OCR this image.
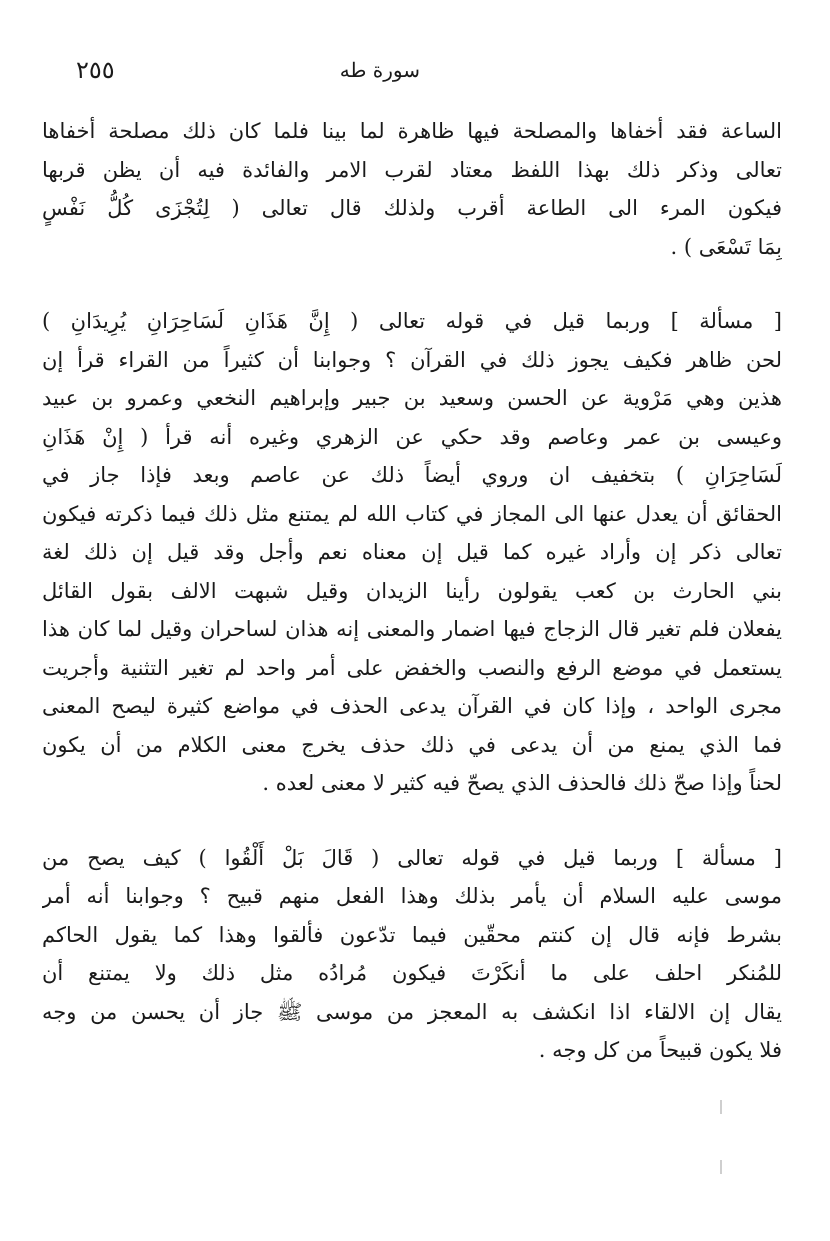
سورة طه
٢٥٥
الساعة فقد أخفاها والمصلحة فيها ظاهرة لما بينا فلما كان ذلك مصلحة أخفاها
تعالى وذكر ذلك بهذا اللفظ معتاد لقرب الامر والفائدة فيه أن يظن قربها
فيكون المرء الى الطاعة أقرب ولذلك قال تعالى ( لِتُجْزَى كُلُّ نَفْسٍ
بِمَا تَسْعَى ) .
[ مسألة ] وربما قيل في قوله تعالى ( إِنَّ هَذَانِ لَسَاحِرَانِ يُرِيدَانِ )
لحن ظاهر فكيف يجوز ذلك في القرآن ؟ وجوابنا أن كثيراً من القراء قرأ إن
هذين وهي مَرْوية عن الحسن وسعيد بن جبير وإبراهيم النخعي وعمرو بن عبيد
وعيسى بن عمر وعاصم وقد حكي عن الزهري وغيره أنه قرأ ( إِنْ هَذَانِ
لَسَاحِرَانِ ) بتخفيف ان وروي أيضاً ذلك عن عاصم وبعد فإذا جاز في
الحقائق أن يعدل عنها الى المجاز في كتاب الله لم يمتنع مثل ذلك فيما ذكرته فيكون
تعالى ذكر إن وأراد غيره كما قيل إن معناه نعم وأجل وقد قيل إن ذلك لغة
بني الحارث بن كعب يقولون رأينا الزيدان وقيل شبهت الالف بقول القائل
يفعلان فلم تغير قال الزجاج فيها اضمار والمعنى إنه هذان لساحران وقيل لما كان هذا
يستعمل في موضع الرفع والنصب والخفض على أمر واحد لم تغير التثنية وأجريت
مجرى الواحد ، وإذا كان في القرآن يدعى الحذف في مواضع كثيرة ليصح المعنى
فما الذي يمنع من أن يدعى في ذلك حذف يخرج معنى الكلام من أن يكون
لحناً وإذا صحّ ذلك فالحذف الذي يصحّ فيه كثير لا معنى لعده .
[ مسألة ] وربما قيل في قوله تعالى ( قَالَ بَلْ أَلْقُوا ) كيف يصح من
موسى عليه السلام أن يأمر بذلك وهذا الفعل منهم قبيح ؟ وجوابنا أنه أمر
بشرط فإنه قال إن كنتم محقّين فيما تدّعون فألقوا وهذا كما يقول الحاكم
للمُنكر احلف على ما أنكَرْتَ فيكون مُرادُه مثل ذلك ولا يمتنع أن
يقال إن الالقاء اذا انكشف به المعجز من موسى ﷺ جاز أن يحسن من وجه
فلا يكون قبيحاً من كل وجه .
